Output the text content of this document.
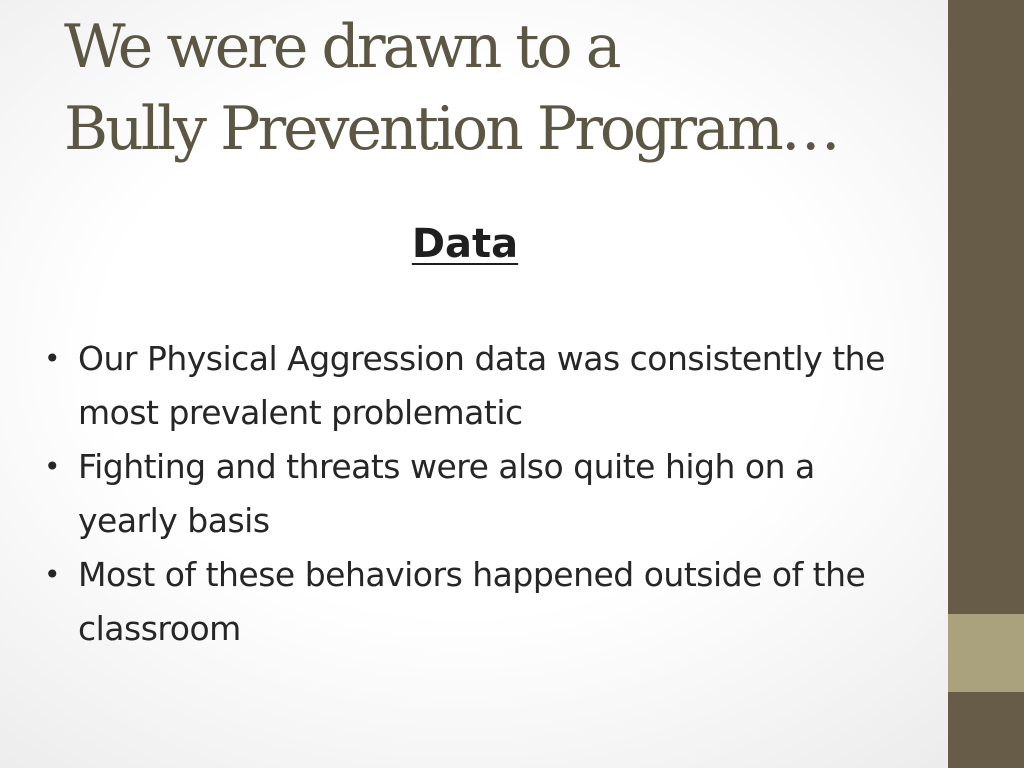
We were drawn to a
Bully Prevention Program…
Data
• Our Physical Aggression data was consistently the most prevalent problematic
• Fighting and threats were also quite high on a yearly basis
• Most of these behaviors happened outside of the classroom
